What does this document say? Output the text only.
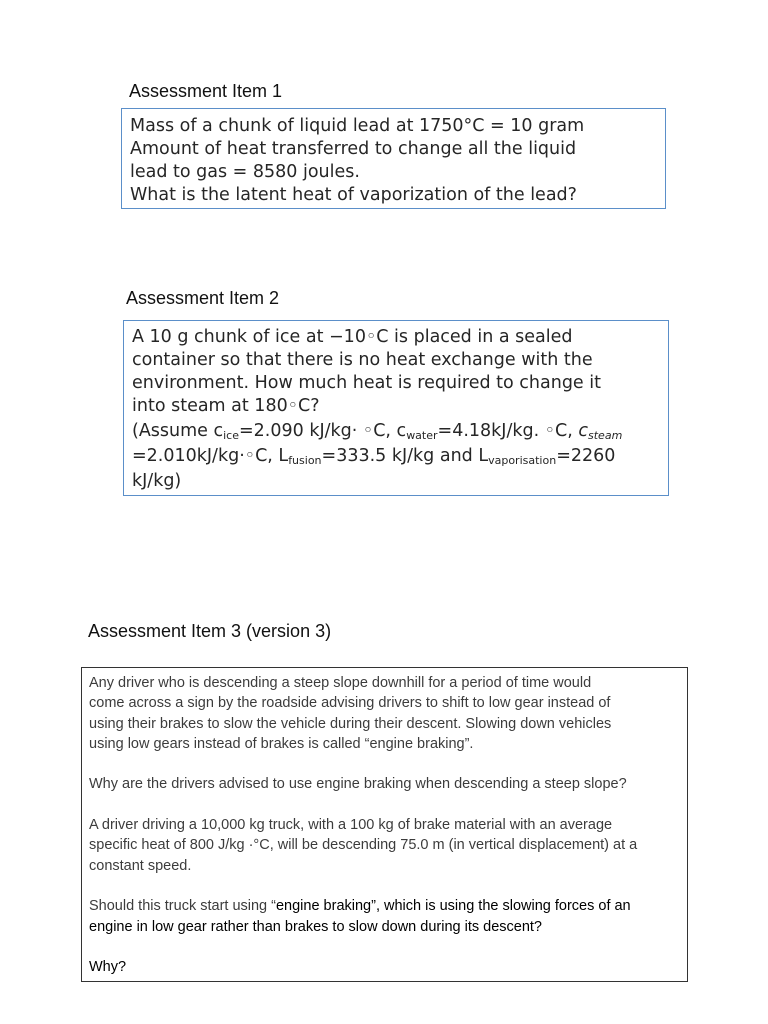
Assessment Item 1
Mass of a chunk of liquid lead at 1750°C = 10 gram
Amount of heat transferred to change all the liquid
lead to gas = 8580 joules.
What is the latent heat of vaporization of the lead?
Assessment Item 2
A 10 g chunk of ice at −10◦C is placed in a sealed
container so that there is no heat exchange with the
environment. How much heat is required to change it
into steam at 180◦C?
(Assume $c_{ice}=2.090$ kJ/kg· ◦C, $c_{water}=4.18kJ/kg$. ◦C, $c_{steam}$
=2.010kJ/kg·◦C, $L_{fusion}=333.5$ kJ/kg and $L_{vaporisation}=2260$
kJ/kg)
Assessment Item 3 (version 3)

Any driver who is descending a steep slope downhill for a period of time would
come across a sign by the roadside advising drivers to shift to low gear instead of
using their brakes to slow the vehicle during their descent. Slowing down vehicles
using low gears instead of brakes is called “engine braking”.

Why are the drivers advised to use engine braking when descending a steep slope?

A driver driving a 10,000 kg truck, with a 100 kg of brake material with an average
specific heat of 800 J/kg ·°C, will be descending 75.0 m (in vertical displacement) at a
constant speed.

Should this truck start using “engine braking”, which is using the slowing forces of an
engine in low gear rather than brakes to slow down during its descent?

Why?
